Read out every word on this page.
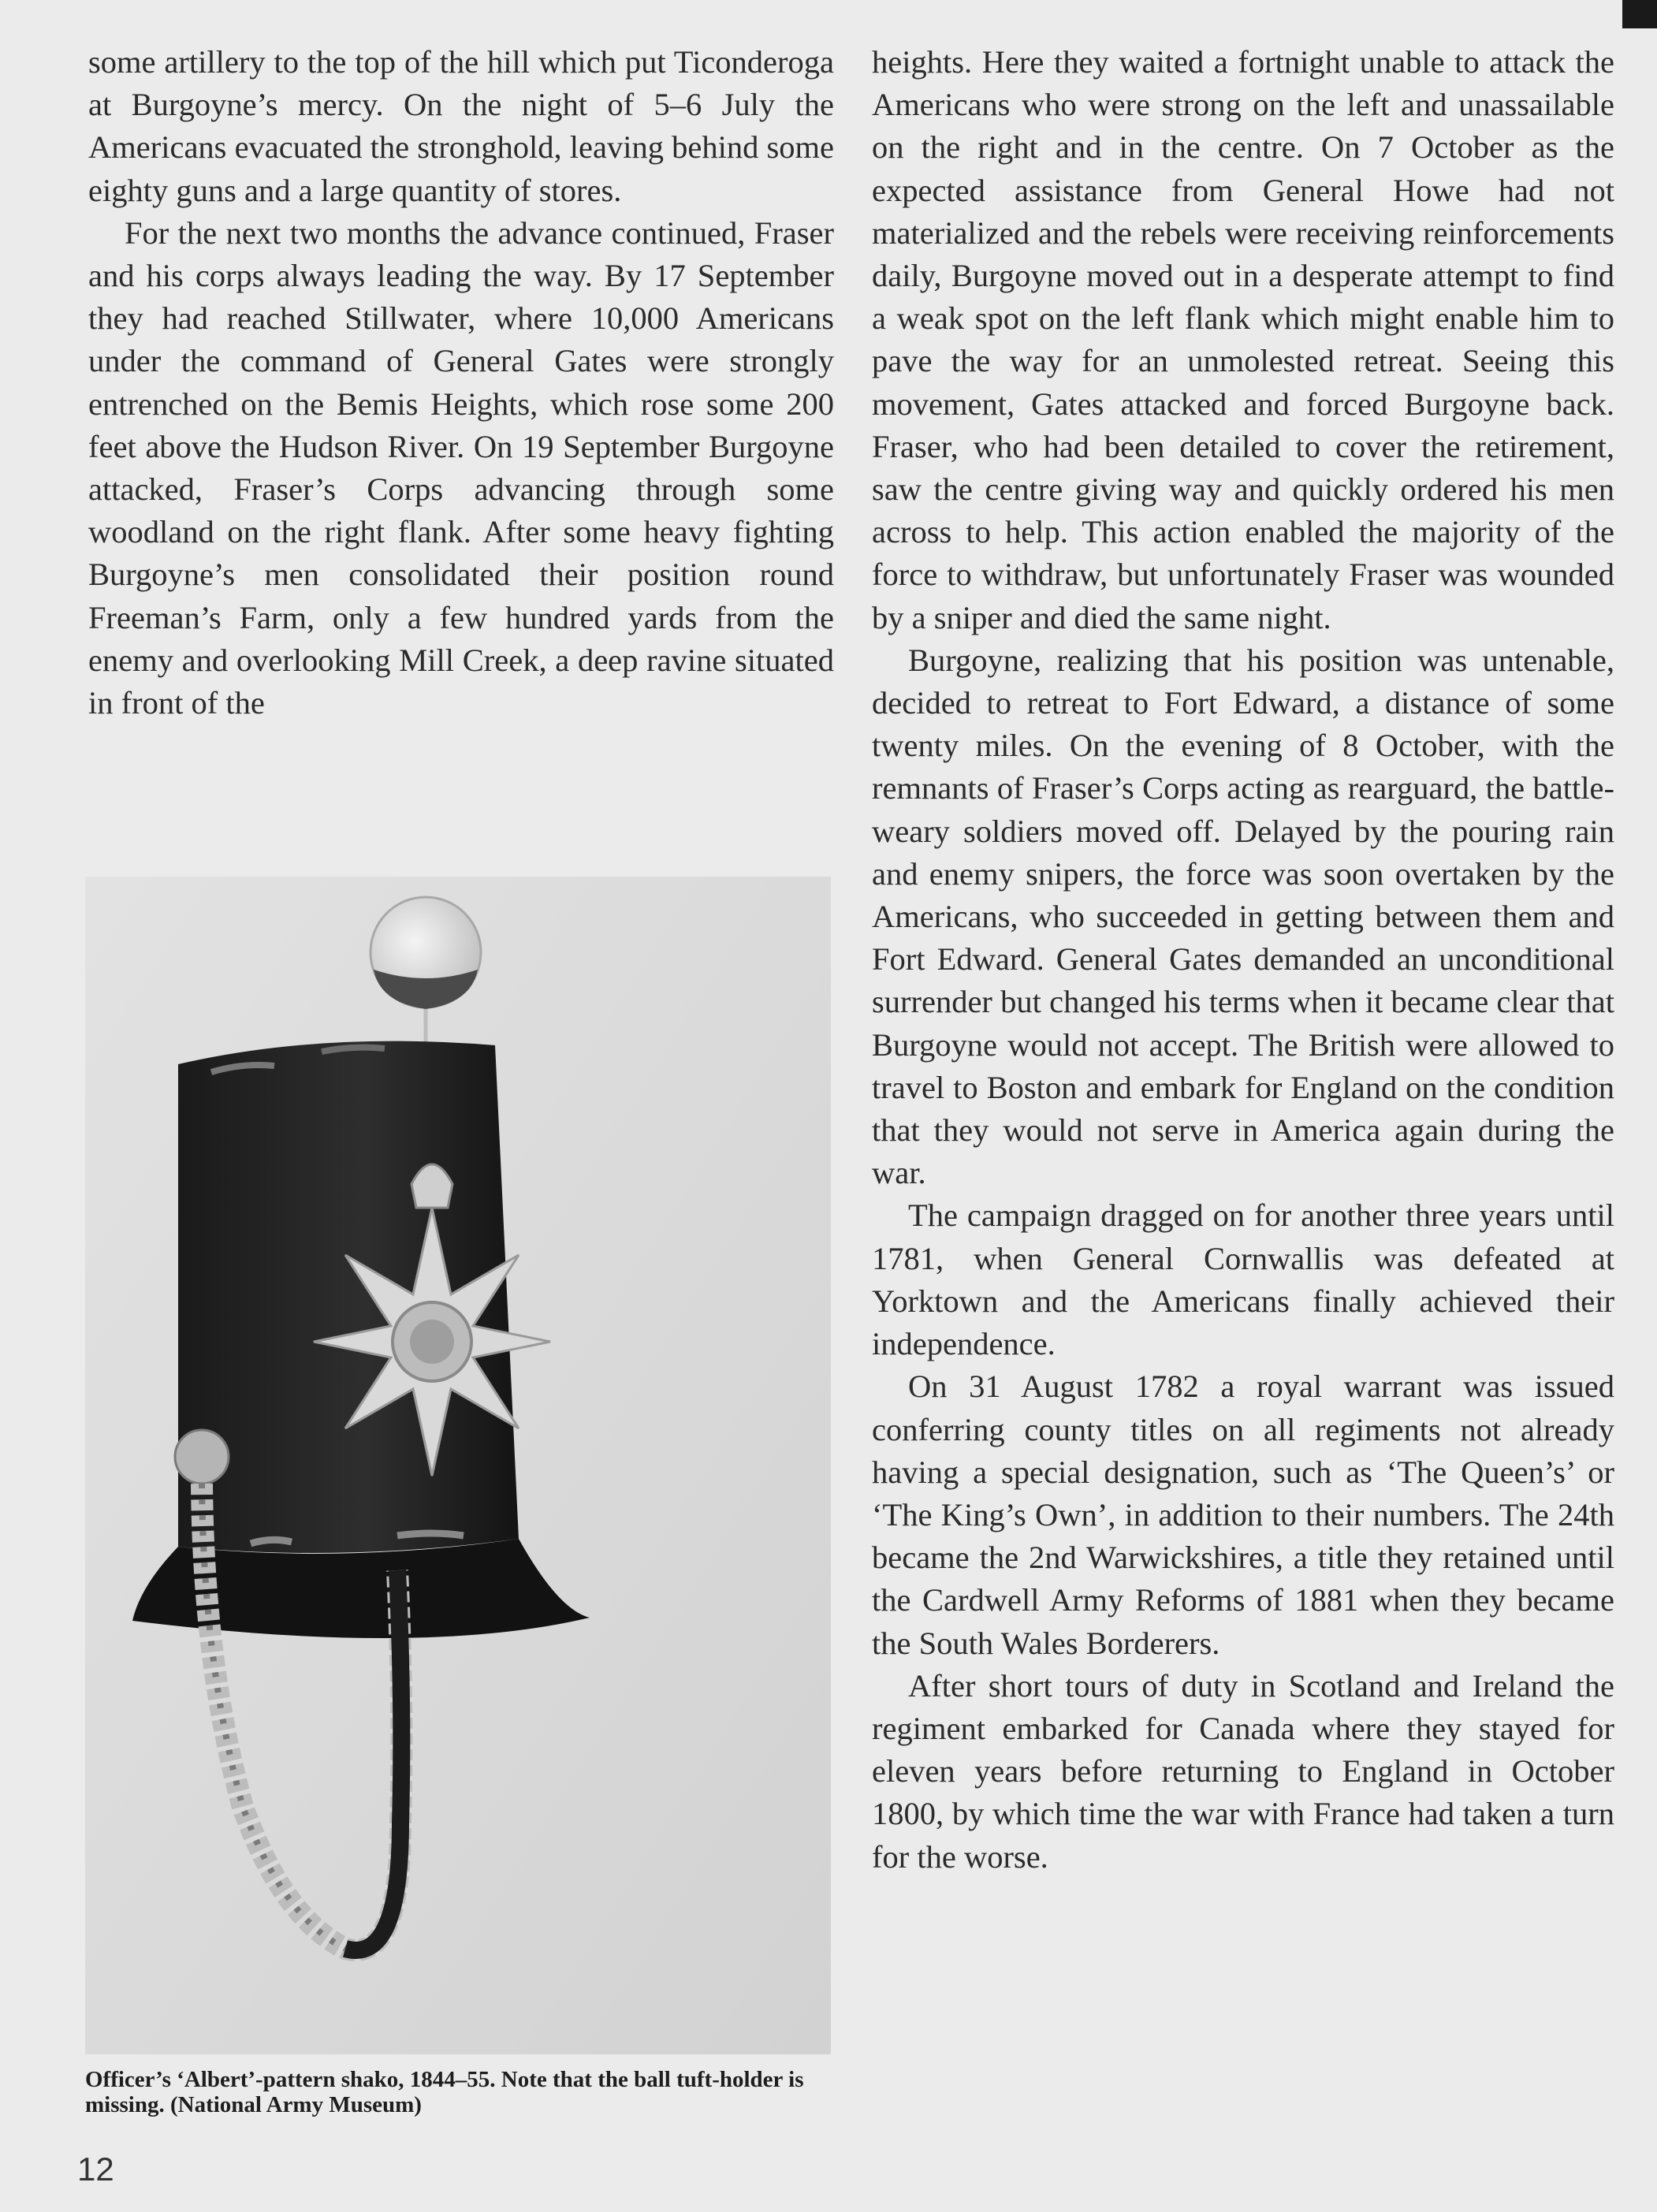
some artillery to the top of the hill which put Ticonderoga at Burgoyne’s mercy. On the night of 5–6 July the Americans evacuated the stronghold, leaving behind some eighty guns and a large quantity of stores.

For the next two months the advance continued, Fraser and his corps always leading the way. By 17 September they had reached Stillwater, where 10,000 Americans under the command of General Gates were strongly entrenched on the Bemis Heights, which rose some 200 feet above the Hudson River. On 19 September Burgoyne attacked, Fraser’s Corps advancing through some woodland on the right flank. After some heavy fighting Burgoyne’s men consolidated their position round Freeman’s Farm, only a few hundred yards from the enemy and overlooking Mill Creek, a deep ravine situated in front of the

heights. Here they waited a fortnight unable to attack the Americans who were strong on the left and unassailable on the right and in the centre. On 7 October as the expected assistance from General Howe had not materialized and the rebels were receiving reinforcements daily, Burgoyne moved out in a desperate attempt to find a weak spot on the left flank which might enable him to pave the way for an unmolested retreat. Seeing this movement, Gates attacked and forced Burgoyne back. Fraser, who had been detailed to cover the retirement, saw the centre giving way and quickly ordered his men across to help. This action enabled the majority of the force to withdraw, but unfortunately Fraser was wounded by a sniper and died the same night.

Burgoyne, realizing that his position was untenable, decided to retreat to Fort Edward, a distance of some twenty miles. On the evening of 8 October, with the remnants of Fraser’s Corps acting as rearguard, the battle-weary soldiers moved off. Delayed by the pouring rain and enemy snipers, the force was soon overtaken by the Americans, who succeeded in getting between them and Fort Edward. General Gates demanded an unconditional surrender but changed his terms when it became clear that Burgoyne would not accept. The British were allowed to travel to Boston and embark for England on the condition that they would not serve in America again during the war.

The campaign dragged on for another three years until 1781, when General Cornwallis was defeated at Yorktown and the Americans finally achieved their independence.

On 31 August 1782 a royal warrant was issued conferring county titles on all regiments not already having a special designation, such as ‘The Queen’s’ or ‘The King’s Own’, in addition to their numbers. The 24th became the 2nd Warwickshires, a title they retained until the Cardwell Army Reforms of 1881 when they became the South Wales Borderers.

After short tours of duty in Scotland and Ireland the regiment embarked for Canada where they stayed for eleven years before returning to England in October 1800, by which time the war with France had taken a turn for the worse.

Officer’s ‘Albert’-pattern shako, 1844–55. Note that the ball tuft-holder is missing. (National Army Museum)
12
